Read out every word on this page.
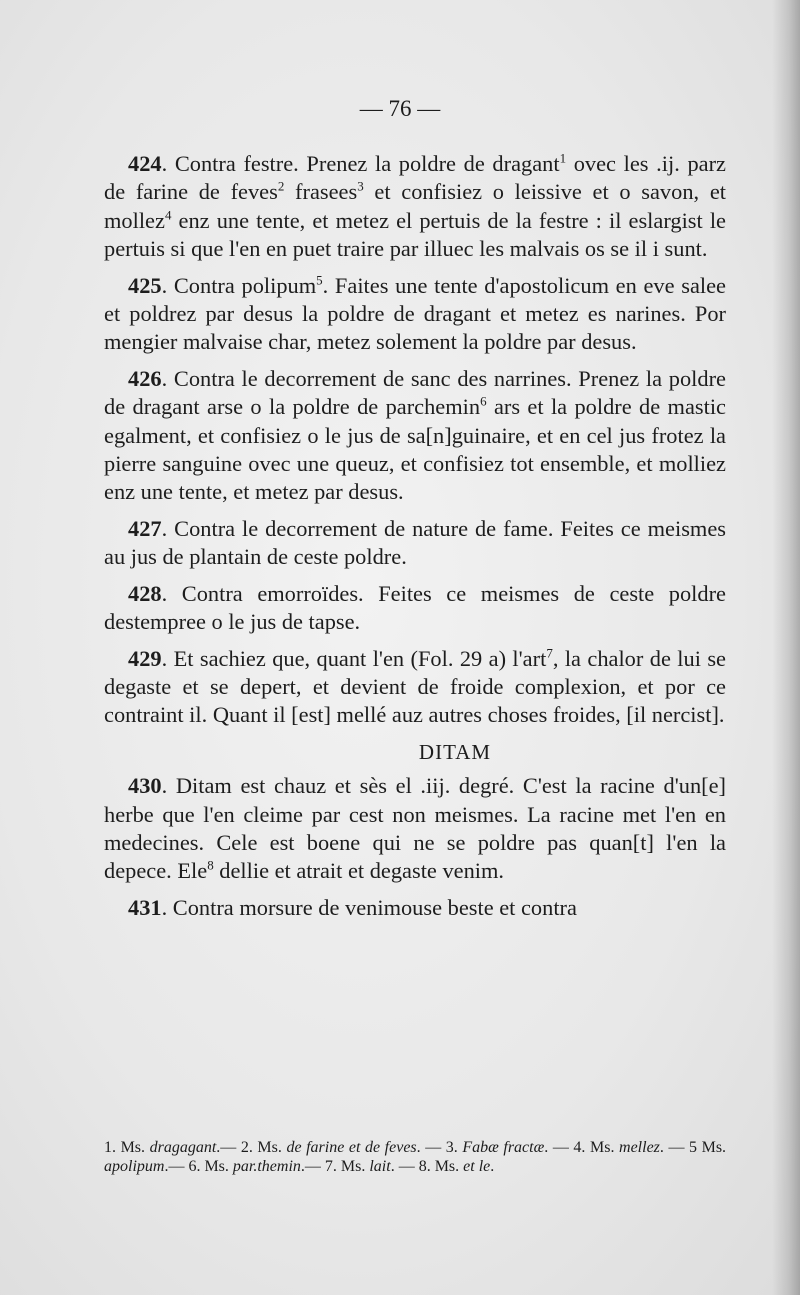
— 76 —

424. Contra festre. Prenez la poldre de dragant$^1$ ovec les .ij. parz de farine de feves$^2$ frasees$^3$ et confisiez o leissive et o savon, et mollez$^4$ enz une tente, et metez el pertuis de la festre : il eslargist le pertuis si que l'en en puet traire par illuec les malvais os se il i sunt.

425. Contra polipum$^5$. Faites une tente d'apostolicum en eve salee et poldrez par desus la poldre de dragant et metez es narines. Por mengier malvaise char, metez solement la poldre par desus.

426. Contra le decorrement de sanc des narrines. Prenez la poldre de dragant arse o la poldre de parchemin$^6$ ars et la poldre de mastic egalment, et confisiez o le jus de sa[n]guinaire, et en cel jus frotez la pierre sanguine ovec une queuz, et confisiez tot ensemble, et molliez enz une tente, et metez par desus.

427. Contra le decorrement de nature de fame. Feites ce meismes au jus de plantain de ceste poldre.

428. Contra emorroïdes. Feites ce meismes de ceste poldre destempree o le jus de tapse.

429. Et sachiez que, quant l'en (Fol. 29 a) l'art$^7$, la chalor de lui se degaste et se depert, et devient de froide complexion, et por ce contraint il. Quant il [est] mellé auz autres choses froides, [il nercist].

DITAM

430. Ditam est chauz et sès el .iij. degré. C'est la racine d'un[e] herbe que l'en cleime par cest non meismes. La racine met l'en en medecines. Cele est boene qui ne se poldre pas quan[t] l'en la depece. Ele$^8$ dellie et atrait et degaste venim.

431. Contra morsure de venimouse beste et contra

1. Ms. dragagant.— 2. Ms. de farine et de feves. — 3. Fabæ fractæ. — 4. Ms. mellez. — 5 Ms. apolipum.— 6. Ms. par.themin.— 7. Ms. lait. — 8. Ms. et le.
